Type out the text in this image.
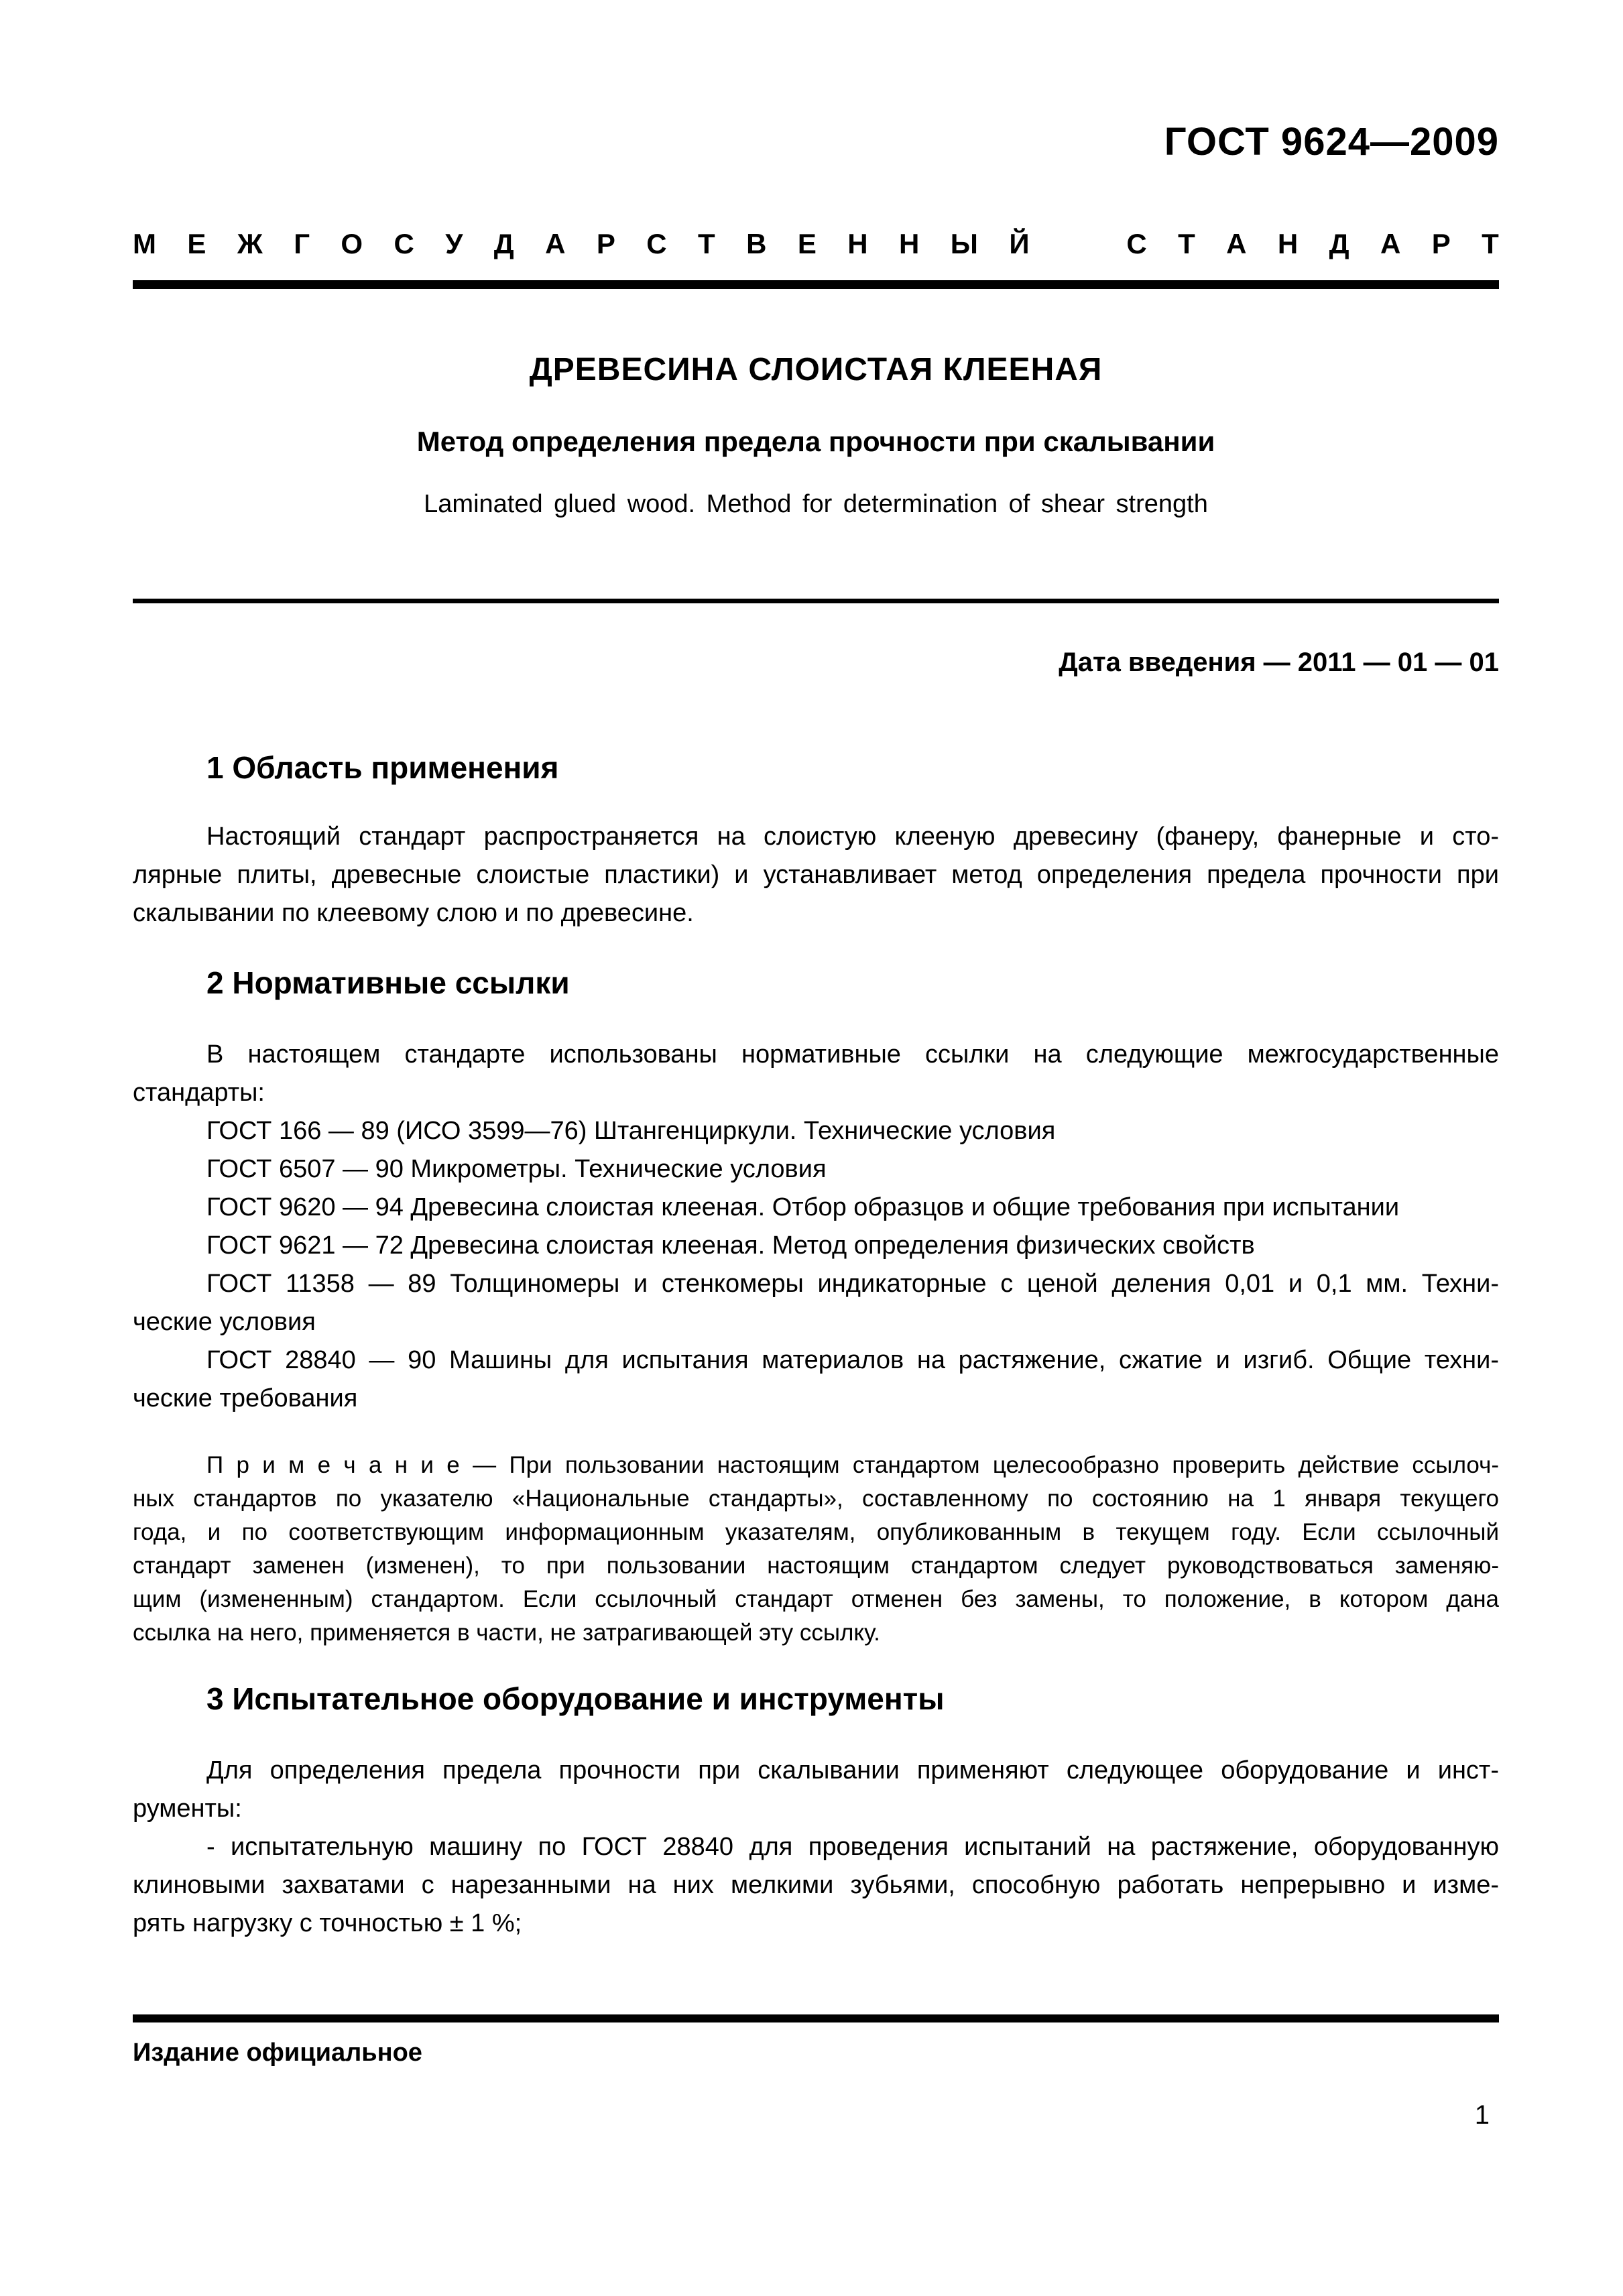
ГОСТ 9624—2009
М Е Ж Г О С У Д А Р С Т В Е Н Н Ы Й	С Т А Н Д А Р Т
ДРЕВЕСИНА СЛОИСТАЯ КЛЕЕНАЯ
Метод определения предела прочности при скалывании
Laminated glued wood. Method for determination of shear strength
Дата введения — 2011 — 01 — 01
1 Область применения
Настоящий стандарт распространяется на слоистую клееную древесину (фанеру, фанерные и сто-
лярные плиты, древесные слоистые пластики) и устанавливает метод определения предела прочности при
скалывании по клеевому слою и по древесине.
2 Нормативные ссылки
В настоящем стандарте использованы нормативные ссылки на следующие межгосударственные
стандарты:
ГОСТ 166 — 89 (ИСО 3599—76) Штангенциркули. Технические условия
ГОСТ 6507 — 90 Микрометры. Технические условия
ГОСТ 9620 — 94 Древесина слоистая клееная. Отбор образцов и общие требования при испытании
ГОСТ 9621 — 72 Древесина слоистая клееная. Метод определения физических свойств
ГОСТ 11358 — 89 Толщиномеры и стенкомеры индикаторные с ценой деления 0,01 и 0,1 мм. Техни-
ческие условия
ГОСТ 28840 — 90 Машины для испытания материалов на растяжение, сжатие и изгиб. Общие техни-
ческие требования
П р и м е ч а н и е — При пользовании настоящим стандартом целесообразно проверить действие ссылоч-
ных стандартов по указателю «Национальные стандарты», составленному по состоянию на 1 января текущего
года, и по соответствующим информационным указателям, опубликованным в текущем году. Если ссылочный
стандарт заменен (изменен), то при пользовании настоящим стандартом следует руководствоваться заменяю-
щим (измененным) стандартом. Если ссылочный стандарт отменен без замены, то положение, в котором дана
ссылка на него, применяется в части, не затрагивающей эту ссылку.
3 Испытательное оборудование и инструменты
Для определения предела прочности при скалывании применяют следующее оборудование и инст-
рументы:
- испытательную машину по ГОСТ 28840 для проведения испытаний на растяжение, оборудованную
клиновыми захватами с нарезанными на них мелкими зубьями, способную работать непрерывно и изме-
рять нагрузку с точностью ± 1 %;
Издание официальное
1
